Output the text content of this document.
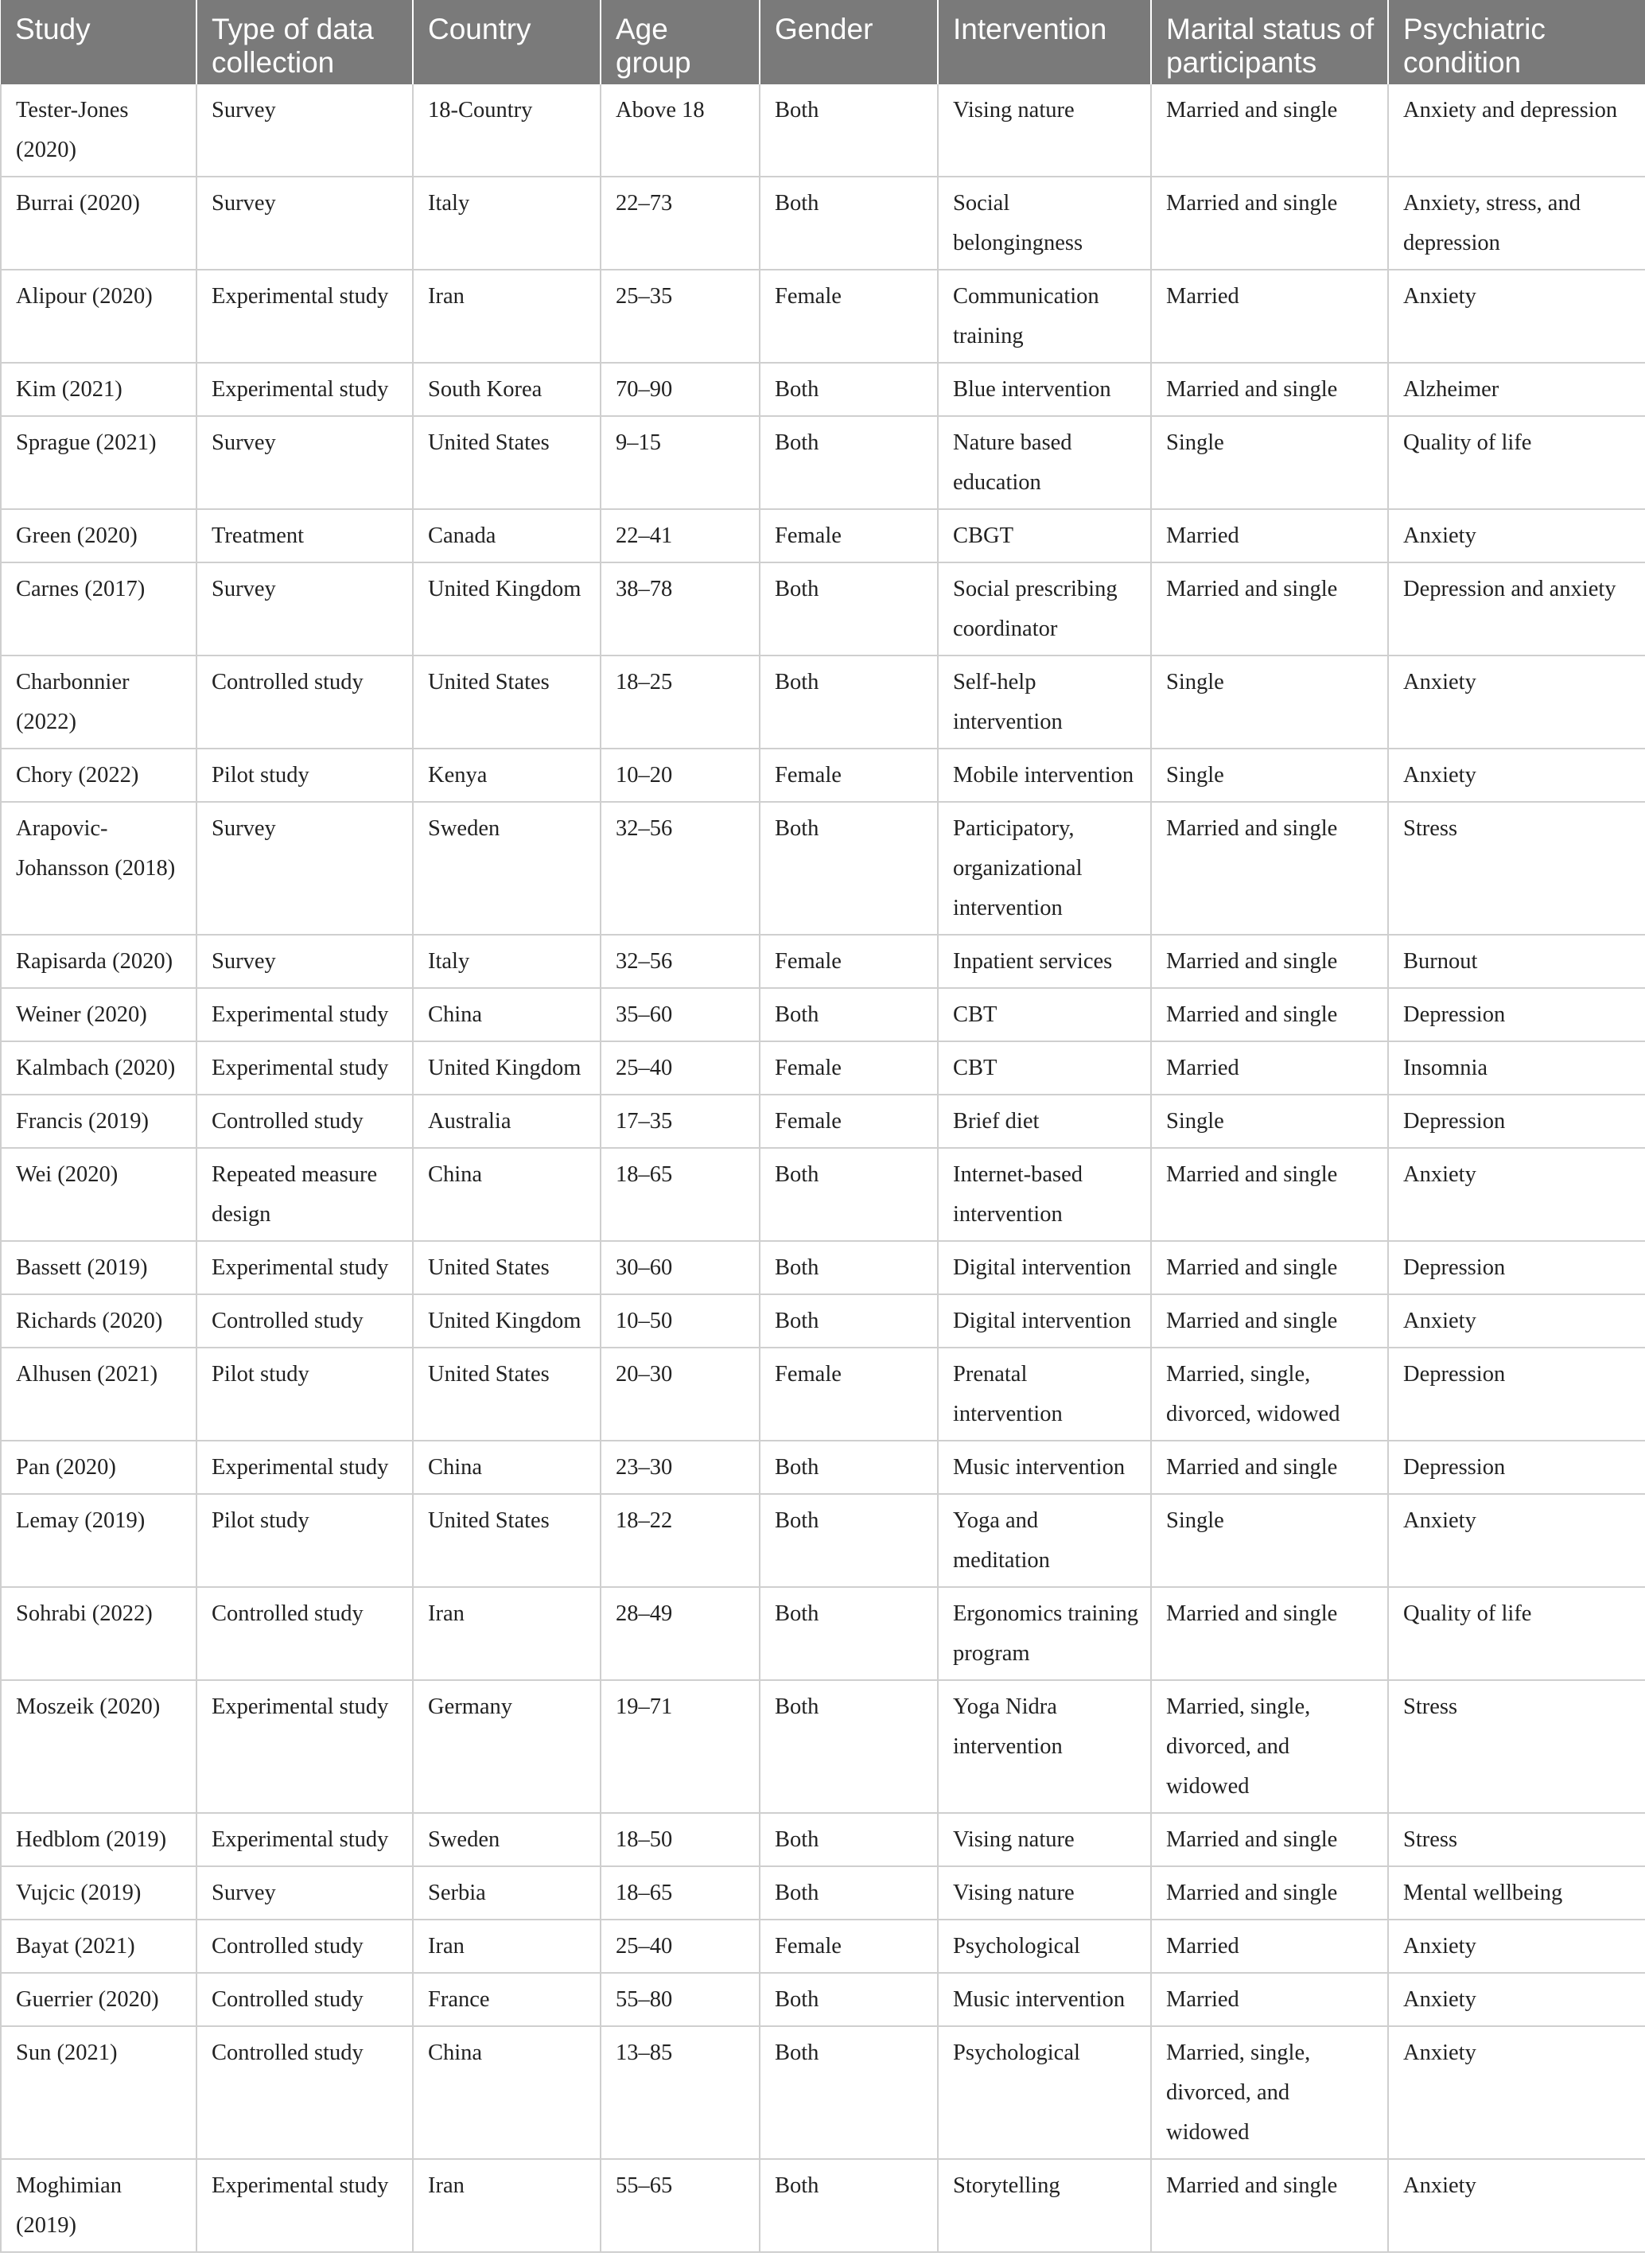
Study	Type of data collection	Country	Age group	Gender	Intervention	Marital status of participants	Psychiatric condition
Tester-Jones (2020)	Survey	18-Country	Above 18	Both	Vising nature	Married and single	Anxiety and depression
Burrai (2020)	Survey	Italy	22–73	Both	Social belongingness	Married and single	Anxiety, stress, and depression
Alipour (2020)	Experimental study	Iran	25–35	Female	Communication training	Married	Anxiety
Kim (2021)	Experimental study	South Korea	70–90	Both	Blue intervention	Married and single	Alzheimer
Sprague (2021)	Survey	United States	9–15	Both	Nature based education	Single	Quality of life
Green (2020)	Treatment	Canada	22–41	Female	CBGT	Married	Anxiety
Carnes (2017)	Survey	United Kingdom	38–78	Both	Social prescribing coordinator	Married and single	Depression and anxiety
Charbonnier (2022)	Controlled study	United States	18–25	Both	Self-help intervention	Single	Anxiety
Chory (2022)	Pilot study	Kenya	10–20	Female	Mobile intervention	Single	Anxiety
Arapovic-Johansson (2018)	Survey	Sweden	32–56	Both	Participatory, organizational intervention	Married and single	Stress
Rapisarda (2020)	Survey	Italy	32–56	Female	Inpatient services	Married and single	Burnout
Weiner (2020)	Experimental study	China	35–60	Both	CBT	Married and single	Depression
Kalmbach (2020)	Experimental study	United Kingdom	25–40	Female	CBT	Married	Insomnia
Francis (2019)	Controlled study	Australia	17–35	Female	Brief diet	Single	Depression
Wei (2020)	Repeated measure design	China	18–65	Both	Internet-based intervention	Married and single	Anxiety
Bassett (2019)	Experimental study	United States	30–60	Both	Digital intervention	Married and single	Depression
Richards (2020)	Controlled study	United Kingdom	10–50	Both	Digital intervention	Married and single	Anxiety
Alhusen (2021)	Pilot study	United States	20–30	Female	Prenatal intervention	Married, single, divorced, widowed	Depression
Pan (2020)	Experimental study	China	23–30	Both	Music intervention	Married and single	Depression
Lemay (2019)	Pilot study	United States	18–22	Both	Yoga and meditation	Single	Anxiety
Sohrabi (2022)	Controlled study	Iran	28–49	Both	Ergonomics training program	Married and single	Quality of life
Moszeik (2020)	Experimental study	Germany	19–71	Both	Yoga Nidra intervention	Married, single, divorced, and widowed	Stress
Hedblom (2019)	Experimental study	Sweden	18–50	Both	Vising nature	Married and single	Stress
Vujcic (2019)	Survey	Serbia	18–65	Both	Vising nature	Married and single	Mental wellbeing
Bayat (2021)	Controlled study	Iran	25–40	Female	Psychological	Married	Anxiety
Guerrier (2020)	Controlled study	France	55–80	Both	Music intervention	Married	Anxiety
Sun (2021)	Controlled study	China	13–85	Both	Psychological	Married, single, divorced, and widowed	Anxiety
Moghimian (2019)	Experimental study	Iran	55–65	Both	Storytelling	Married and single	Anxiety
